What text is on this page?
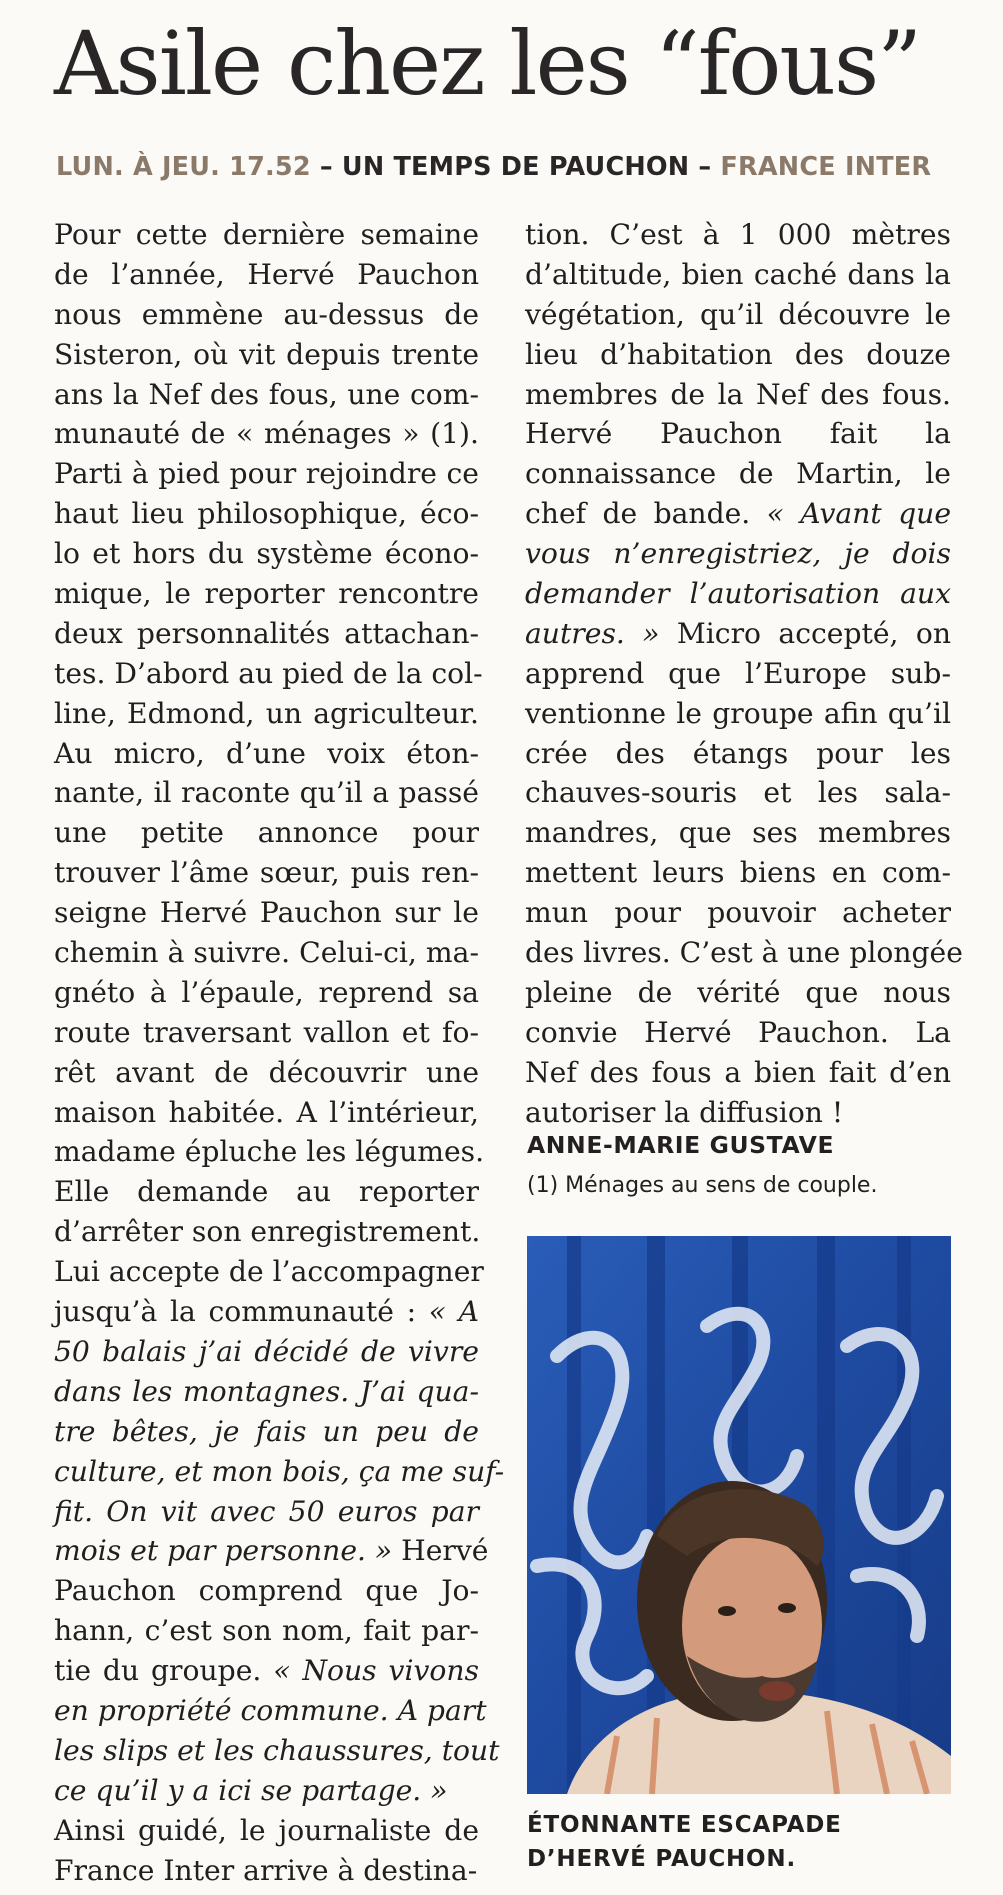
Asile chez les “fous”
LUN. À JEU. 17.52 – UN TEMPS DE PAUCHON – FRANCE INTER
Pour cette dernière semaine
de l’année, Hervé Pauchon
nous emmène au-dessus de
Sisteron, où vit depuis trente
ans la Nef des fous, une com-
munauté de « ménages » (1).
Parti à pied pour rejoindre ce
haut lieu philosophique, éco-
lo et hors du système écono-
mique, le reporter rencontre
deux personnalités attachan-
tes. D’abord au pied de la col-
line, Edmond, un agriculteur.
Au micro, d’une voix éton-
nante, il raconte qu’il a passé
une petite annonce pour
trouver l’âme sœur, puis ren-
seigne Hervé Pauchon sur le
chemin à suivre. Celui-ci, ma-
gnéto à l’épaule, reprend sa
route traversant vallon et fo-
rêt avant de découvrir une
maison habitée. A l’intérieur,
madame épluche les légumes.
Elle demande au reporter
d’arrêter son enregistrement.
Lui accepte de l’accompagner
jusqu’à la communauté : « A
50 balais j’ai décidé de vivre
dans les montagnes. J’ai qua-
tre bêtes, je fais un peu de
culture, et mon bois, ça me suf-
fit. On vit avec 50 euros par
mois et par personne. » Hervé
Pauchon comprend que Jo-
hann, c’est son nom, fait par-
tie du groupe. « Nous vivons
en propriété commune. A part
les slips et les chaussures, tout
ce qu’il y a ici se partage. »
Ainsi guidé, le journaliste de
France Inter arrive à destina-
tion. C’est à 1 000 mètres
d’altitude, bien caché dans la
végétation, qu’il découvre le
lieu d’habitation des douze
membres de la Nef des fous.
Hervé Pauchon fait la
connaissance de Martin, le
chef de bande. « Avant que
vous n’enregistriez, je dois
demander l’autorisation aux
autres. » Micro accepté, on
apprend que l’Europe sub-
ventionne le groupe afin qu’il
crée des étangs pour les
chauves-souris et les sala-
mandres, que ses membres
mettent leurs biens en com-
mun pour pouvoir acheter
des livres. C’est à une plongée
pleine de vérité que nous
convie Hervé Pauchon. La
Nef des fous a bien fait d’en
autoriser la diffusion !
ANNE-MARIE GUSTAVE
(1) Ménages au sens de couple.
ÉTONNANTE ESCAPADE
D’HERVÉ PAUCHON.
